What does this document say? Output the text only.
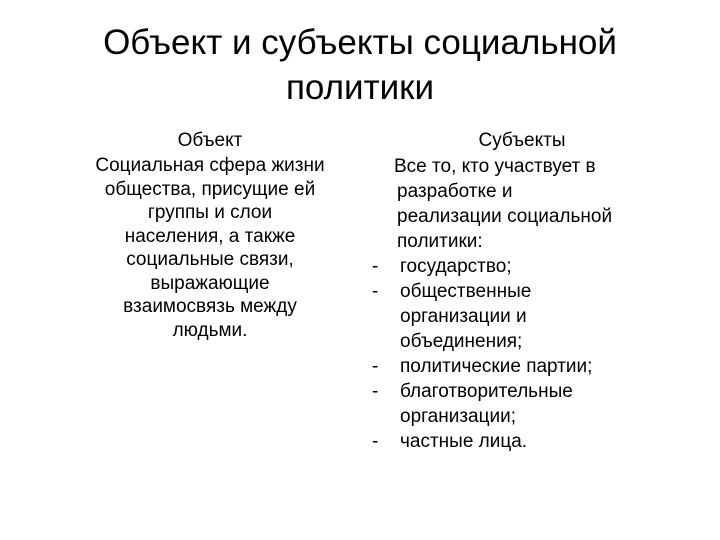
Объект и субъекты социальной
политики
Объект
Социальная сфера жизни
общества, присущие ей
группы и слои
населения, а также
социальные связи,
выражающие
взаимосвязь между
людьми.
Субъекты
Все то, кто участвует в
разработке и
реализации социальной
политики:
-	государство;
-	общественные
организации и
объединения;
-	политические партии;
-	благотворительные
организации;
-	частные лица.
